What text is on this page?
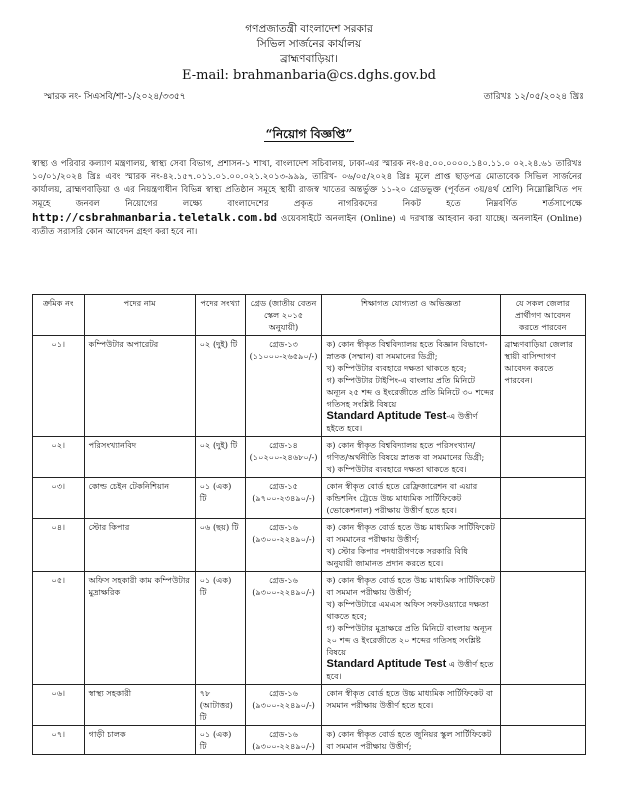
গণপ্রজাতন্ত্রী বাংলাদেশ সরকার
সিভিল সার্জনের কার্যালয়
ব্রাহ্মণবাড়িয়া।
E-mail: brahmanbaria@cs.dghs.gov.bd
স্মারক নং- সিএসবি/শা-১/২০২৪/৩৩৫৭	তারিখঃ ১২/০৫/২০২৪ খ্রিঃ
“নিয়োগ বিজ্ঞপ্তি”
স্বাস্থ্য ও পরিবার কল্যাণ মন্ত্রণালয়, স্বাস্থ্য সেবা বিভাগ, প্রশাসন-১ শাখা, বাংলাদেশ সচিবালয়, ঢাকা-এর স্মারক নং-৪৫.০০.০০০০.১৪০.১১.০ ০২.২৪.৬১ তারিখঃ ১০/০১/২০২৪ খ্রিঃ এবং স্মারক নং-৪২.১৫৭.০১১.০১.০০.০২১.২০১৩-৯৯৯, তারিখ- ০৬/০৫/২০২৪ খ্রিঃ মূলে প্রাপ্ত ছাড়পত্র মোতাবেক সিভিল সার্জনের কার্যালয়, ব্রাহ্মণবাড়িয়া ও এর নিয়ন্ত্রণাধীন বিভিন্ন স্বাস্থ্য প্রতিষ্ঠান সমূহে স্থায়ী রাজস্ব খাতের অন্তর্ভুক্ত ১১-২০ গ্রেডভুক্ত (পূর্বতন ৩য়/৪র্থ শ্রেণি) নিম্নোল্লিখিত পদ সমূহে জনবল নিয়োগের লক্ষ্যে বাংলাদেশের প্রকৃত নাগরিকদের নিকট হতে নিম্নবর্ণিত শর্তসাপেক্ষে http://csbrahmanbaria.teletalk.com.bd ওয়েবসাইটে অনলাইন (Online) এ দরখাস্ত আহবান করা যাচ্ছে। অনলাইন (Online) ব্যতীত সরাসরি কোন আবেদন গ্রহণ করা হবে না।
ক্রমিক নং	পদের নাম	পদের সংখ্যা	গ্রেড (জাতীয় বেতন স্কেল ২০১৫ অনুযায়ী)	শিক্ষাগত যোগ্যতা ও অভিজ্ঞতা	যে সকল জেলার প্রার্থীগণ আবেদন করতে পারবেন
০১।	কম্পিউটার অপারেটর	০২ (দুই) টি	গ্রেড-১৩ (১১০০০-২৬৫৯০/-)	ক) কোন স্বীকৃত বিশ্ববিদ্যালয় হতে বিজ্ঞান বিভাগে-স্নাতক (সম্মান) বা সমমানের ডিগ্রী;
খ) কম্পিউটার ব্যবহারে দক্ষতা থাকতে হবে;
গ) কম্পিউটার টাইপিং-এ বাংলায় প্রতি মিনিটে অন্যূন ২৫ শব্দ ও ইংরেজীতে প্রতি মিনিটে ৩০ শব্দের গতিসহ সংশ্লিষ্ট বিষয়ে
Standard Aptitude Test-এ উত্তীর্ণ হইতে হবে।	ব্রাহ্মণবাড়িয়া জেলার স্থায়ী বাসিন্দাগণ আবেদন করতে পারবেন।
০২।	পরিসংখ্যানবিদ	০২ (দুই) টি	গ্রেড-১৪ (১০২০০-২৪৬৮০/-)	ক) কোন স্বীকৃত বিশ্ববিদ্যালয় হতে পরিসংখ্যান/গণিত/অর্থনীতি বিষয়ে স্নাতক বা সমমানের ডিগ্রী;
খ) কম্পিউটার ব্যবহারে দক্ষতা থাকতে হবে।	

০৩।	কোল্ড চেইন টেকনিশিয়ান	০১ (এক) টি	গ্রেড-১৫ (৯৭০০-২৩৪৯০/-)	কোন স্বীকৃত বোর্ড হতে রেফ্রিজারেশন বা এয়ার কন্ডিশনিং ট্রেডে উচ্চ মাধ্যমিক সার্টিফিকেট (ভোকেশনাল) পরীক্ষায় উত্তীর্ণ হতে হবে।	

০৪।	স্টোর কিপার	০৬ (ছয়) টি	গ্রেড-১৬ (৯৩০০-২২৪৯০/-)	ক) কোন স্বীকৃত বোর্ড হতে উচ্চ মাধ্যমিক সার্টিফিকেট বা সমমানের পরীক্ষায় উত্তীর্ণ;
খ) স্টোর কিপার পদধারীগণকে সরকারি বিধি অনুযায়ী জামানত প্রদান করতে হবে।	

০৫।	অফিস সহকারী কাম কম্পিউটার মুদ্রাক্ষরিক	০১ (এক) টি	গ্রেড-১৬ (৯৩০০-২২৪৯০/-)	ক) কোন স্বীকৃত বোর্ড হতে উচ্চ মাধ্যমিক সার্টিফিকেট বা সমমান পরীক্ষায় উত্তীর্ণ;
খ) কম্পিউটারে এমএস অফিস সফটওয়্যারে দক্ষতা থাকতে হবে;
গ) কম্পিউটার মুদ্রাক্ষরে প্রতি মিনিটে বাংলায় অন্যূন ২০ শব্দ ও ইংরেজীতে ২০ শব্দের গতিসহ সংশ্লিষ্ট বিষয়ে
Standard Aptitude Test এ উত্তীর্ণ হতে হবে।	

০৬।	স্বাস্থ্য সহকারী	৭৮ (আটাত্তর) টি	গ্রেড-১৬ (৯৩০০-২২৪৯০/-)	কোন স্বীকৃত বোর্ড হতে উচ্চ মাধ্যমিক সার্টিফিকেট বা সমমান পরীক্ষায় উত্তীর্ণ হতে হবে।	

০৭।	গাড়ী চালক	০১ (এক) টি	গ্রেড-১৬ (৯৩০০-২২৪৯০/-)	ক) কোন স্বীকৃত বোর্ড হতে জুনিয়র স্কুল সার্টিফিকেট বা সমমান পরীক্ষায় উত্তীর্ণ;	
